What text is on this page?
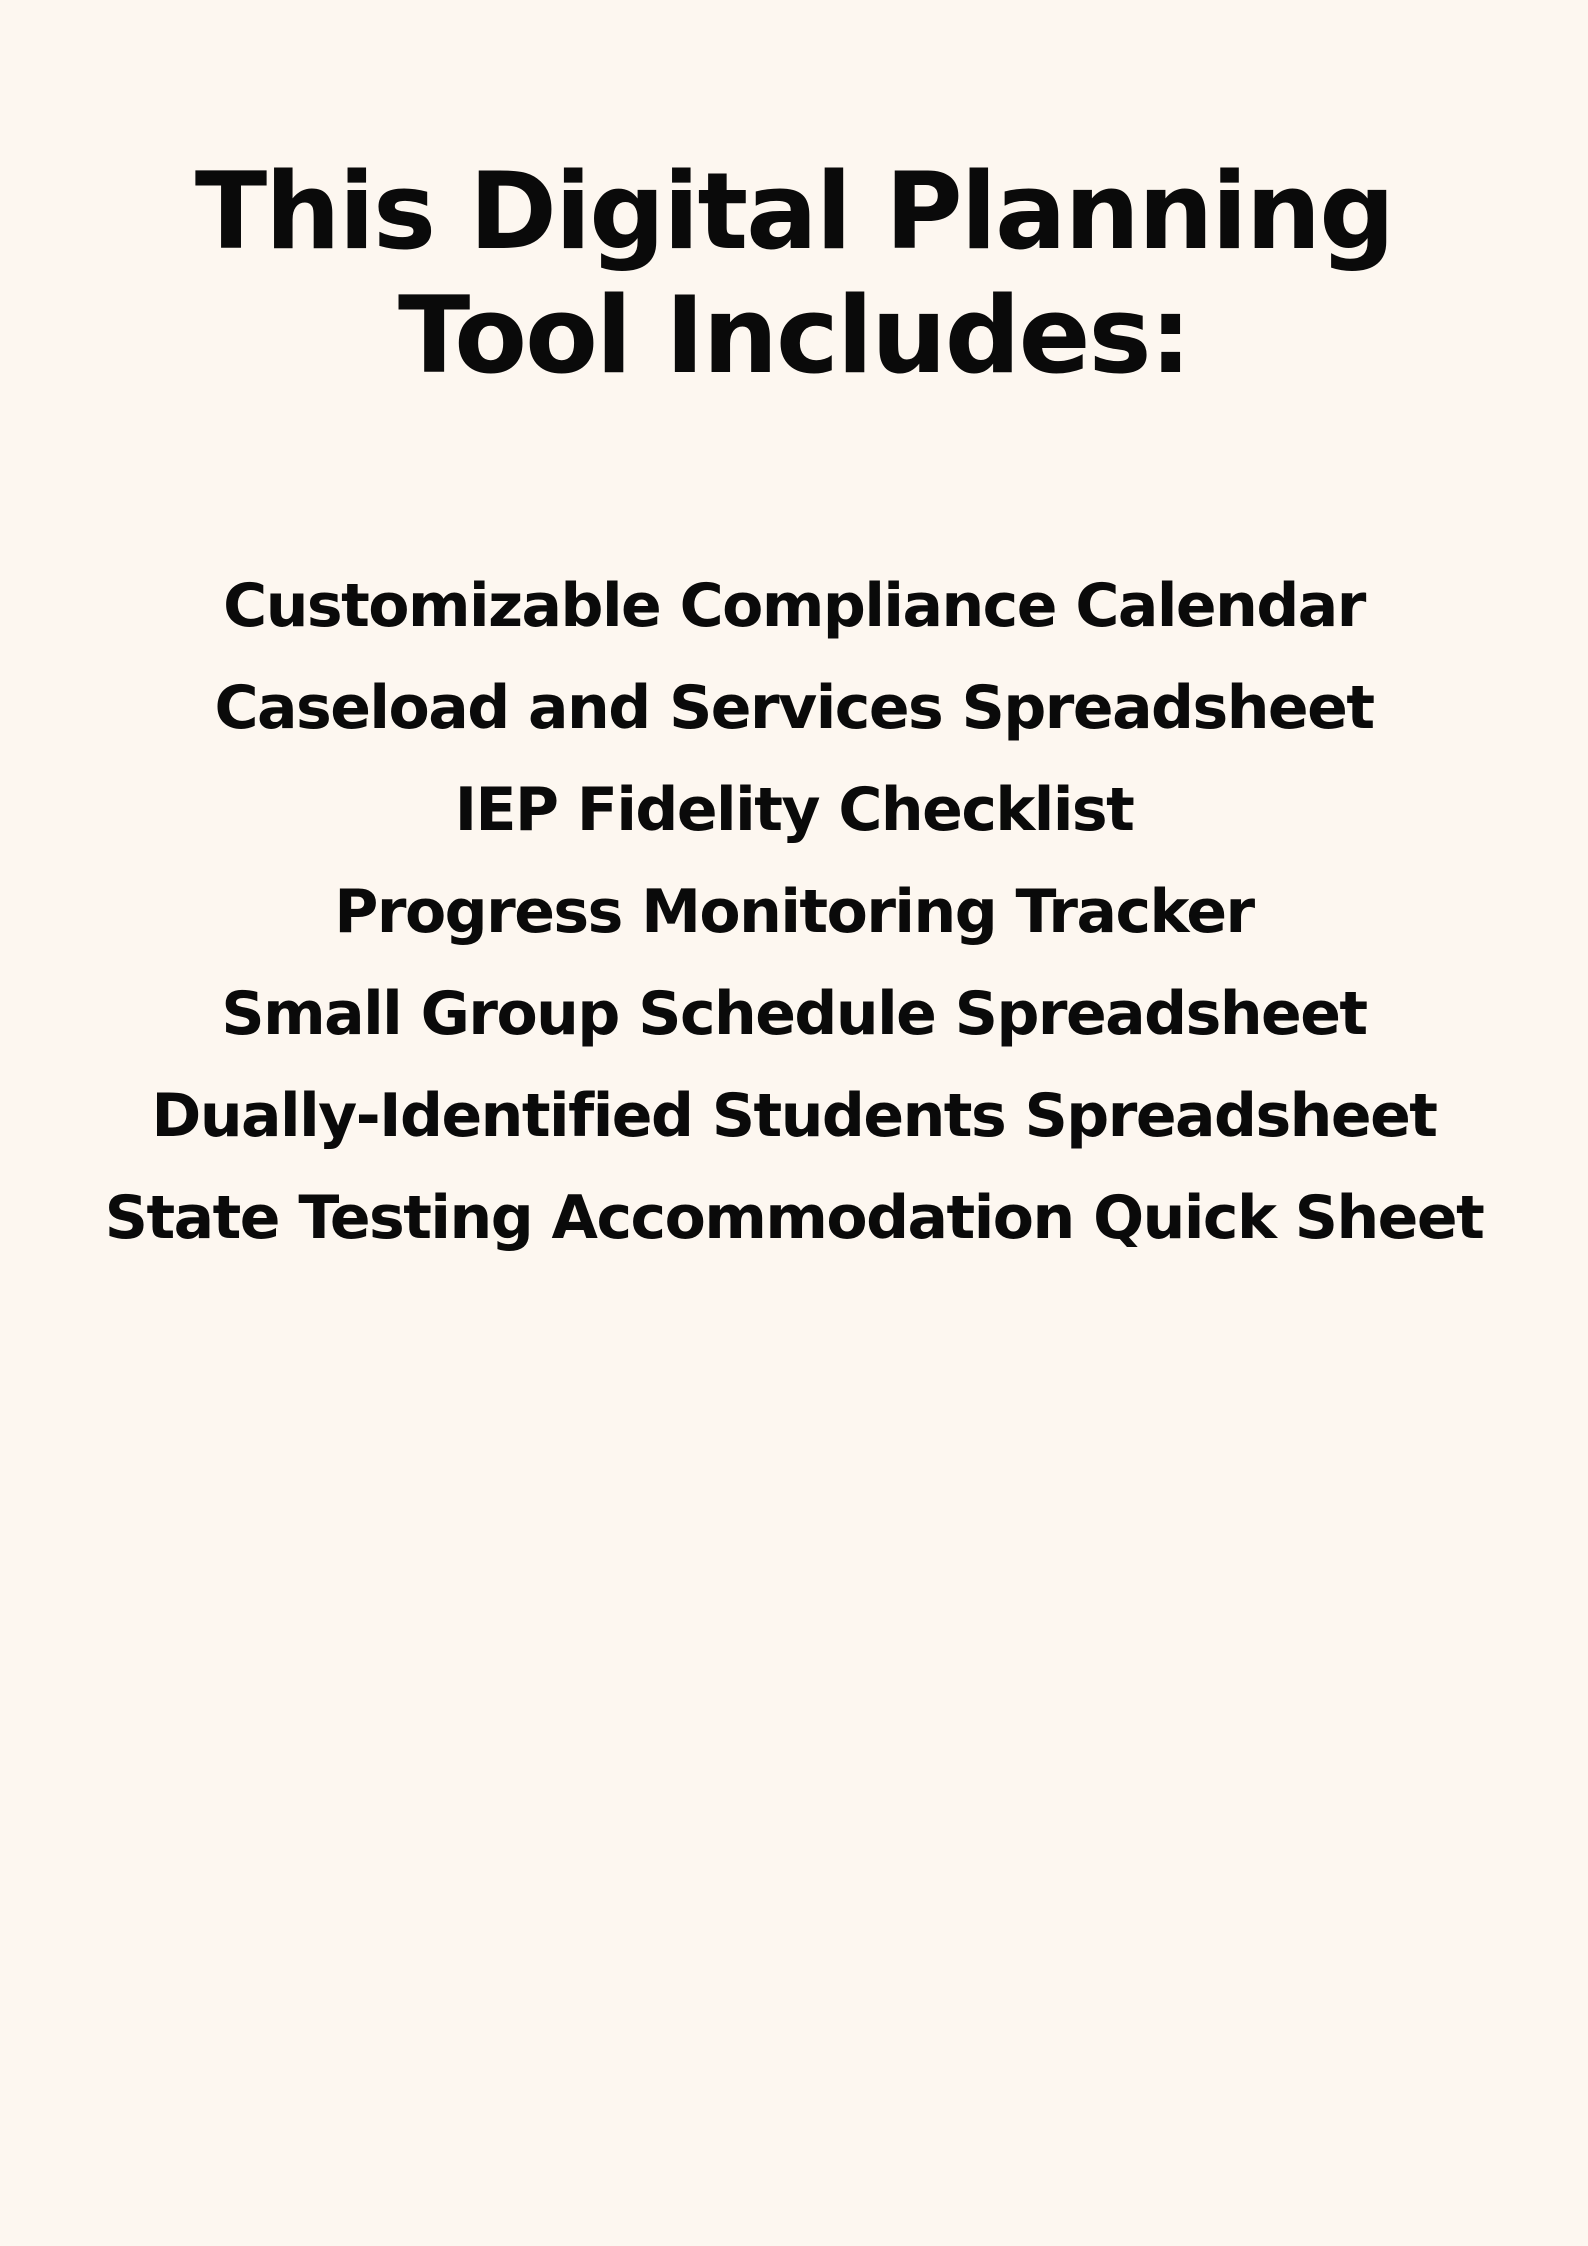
This Digital Planning
Tool Includes:
Customizable Compliance Calendar
Caseload and Services Spreadsheet
IEP Fidelity Checklist
Progress Monitoring Tracker
Small Group Schedule Spreadsheet
Dually-Identified Students Spreadsheet
State Testing Accommodation Quick Sheet
